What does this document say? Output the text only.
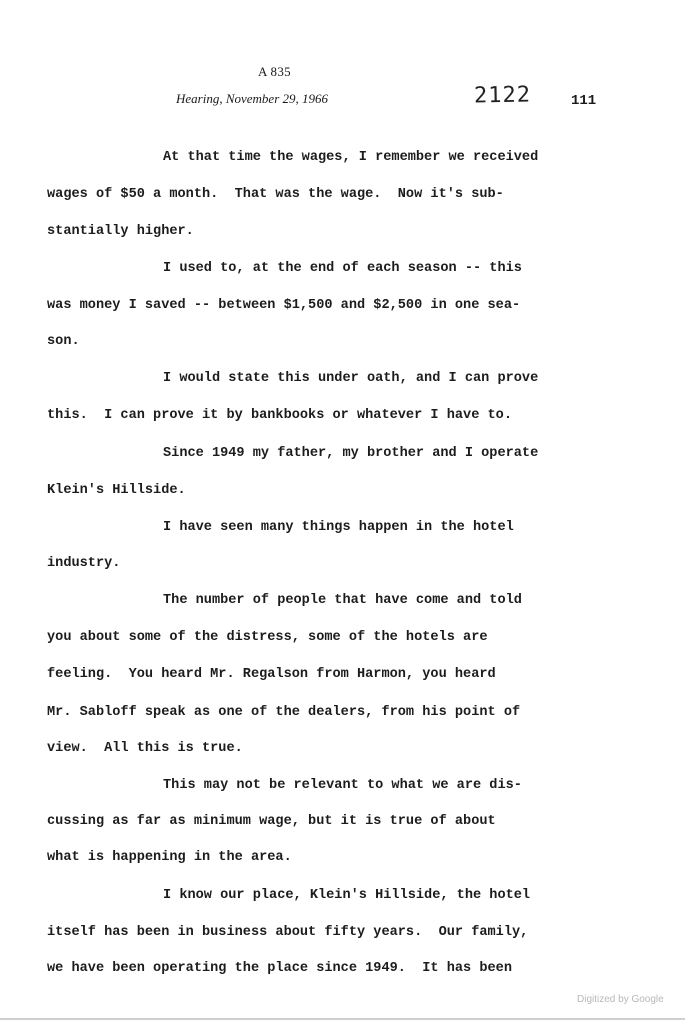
A 835
Hearing, November 29, 1966	2122	111
At that time the wages, I remember we received
wages of $50 a month.  That was the wage.  Now it's sub-
stantially higher.
I used to, at the end of each season -- this
was money I saved -- between $1,500 and $2,500 in one sea-
son.
I would state this under oath, and I can prove
this.  I can prove it by bankbooks or whatever I have to.
Since 1949 my father, my brother and I operate
Klein's Hillside.
I have seen many things happen in the hotel
industry.
The number of people that have come and told
you about some of the distress, some of the hotels are
feeling.  You heard Mr. Regalson from Harmon, you heard
Mr. Sabloff speak as one of the dealers, from his point of
view.  All this is true.
This may not be relevant to what we are dis-
cussing as far as minimum wage, but it is true of about
what is happening in the area.
I know our place, Klein's Hillside, the hotel
itself has been in business about fifty years.  Our family,
we have been operating the place since 1949.  It has been
Digitized by Google
